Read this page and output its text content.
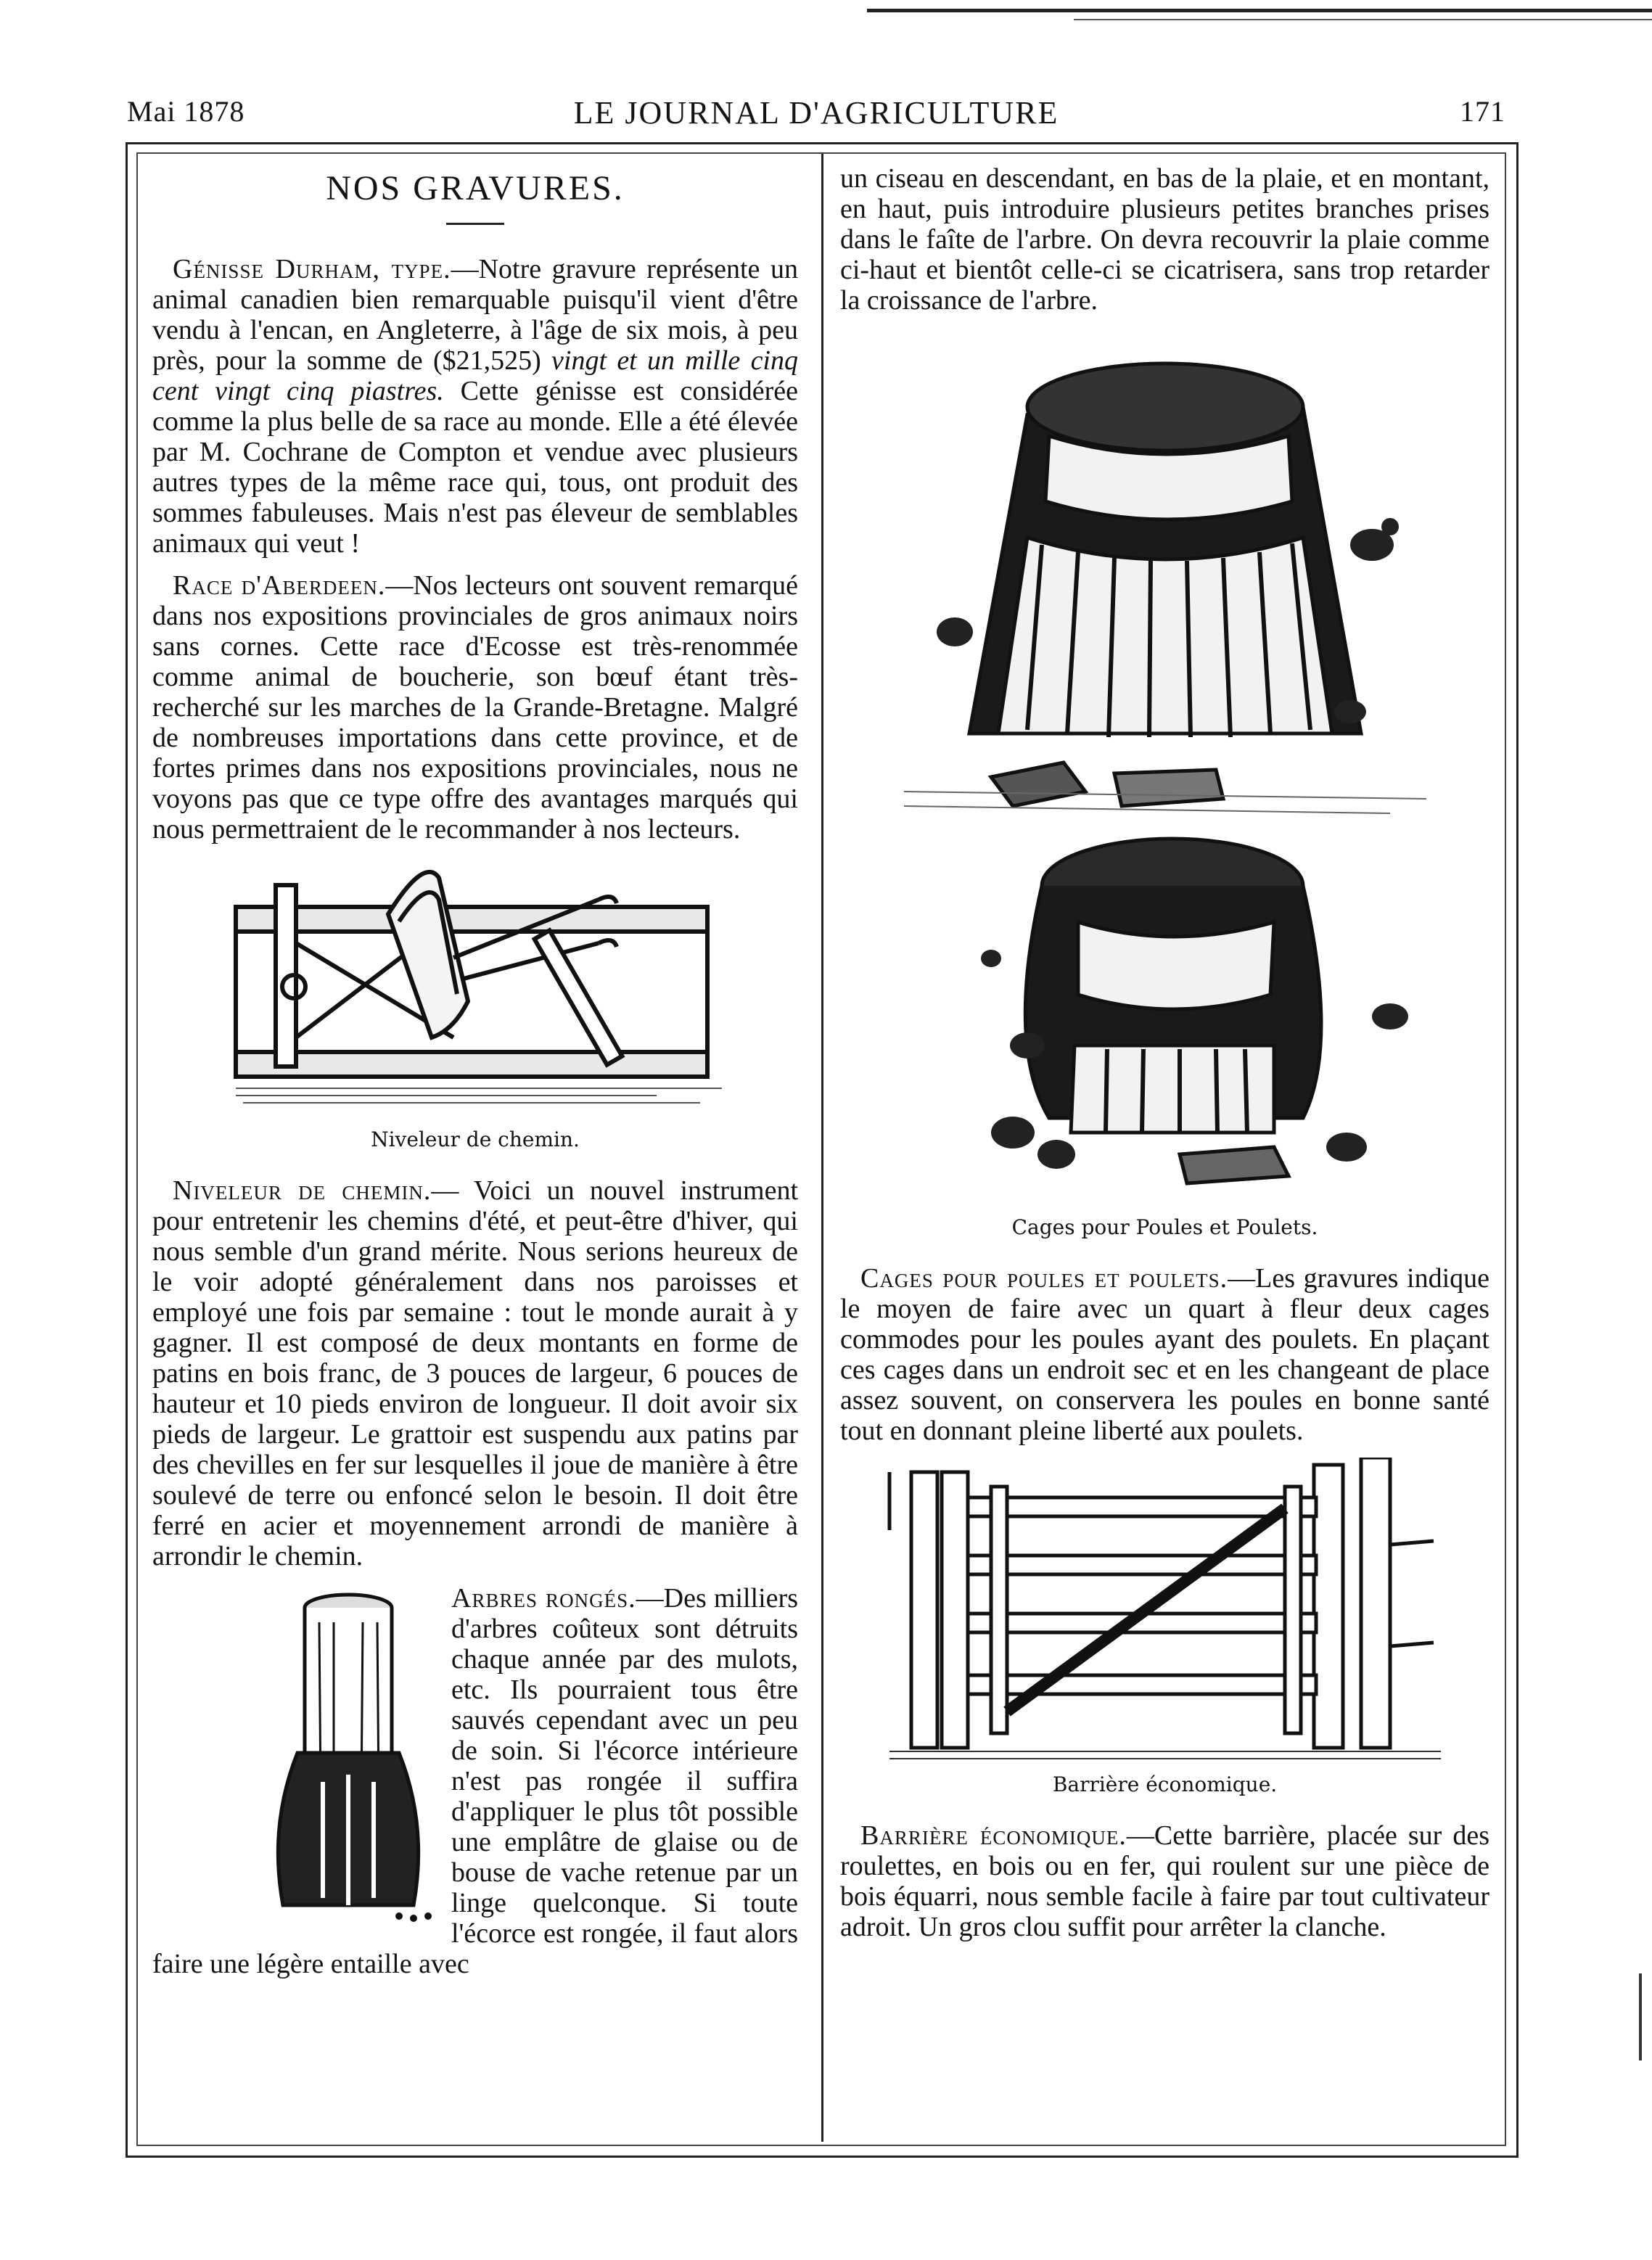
Mai 1878	LE JOURNAL D'AGRICULTURE	171
NOS GRAVURES.

Génisse Durham, type.—Notre gravure représente un animal canadien bien remarquable puisqu'il vient d'être vendu à l'encan, en Angleterre, à l'âge de six mois, à peu près, pour la somme de ($21,525) vingt et un mille cinq cent vingt cinq piastres. Cette génisse est considérée comme la plus belle de sa race au monde. Elle a été élevée par M. Cochrane de Compton et vendue avec plusieurs autres types de la même race qui, tous, ont produit des sommes fabuleuses. Mais n'est pas éleveur de semblables animaux qui veut !

Race d'Aberdeen.—Nos lecteurs ont souvent remarqué dans nos expositions provinciales de gros animaux noirs sans cornes. Cette race d'Ecosse est très-renommée comme animal de boucherie, son bœuf étant très-recherché sur les marches de la Grande-Bretagne. Malgré de nombreuses importations dans cette province, et de fortes primes dans nos expositions provinciales, nous ne voyons pas que ce type offre des avantages marqués qui nous permettraient de le recommander à nos lecteurs.

Niveleur de chemin.

Niveleur de chemin.— Voici un nouvel instrument pour entretenir les chemins d'été, et peut-être d'hiver, qui nous semble d'un grand mérite. Nous serions heureux de le voir adopté généralement dans nos paroisses et employé une fois par semaine : tout le monde aurait à y gagner. Il est composé de deux montants en forme de patins en bois franc, de 3 pouces de largeur, 6 pouces de hauteur et 10 pieds environ de longueur. Il doit avoir six pieds de largeur. Le grattoir est suspendu aux patins par des chevilles en fer sur lesquelles il joue de manière à être soulevé de terre ou enfoncé selon le besoin. Il doit être ferré en acier et moyennement arrondi de manière à arrondir le chemin.

Arbres rongés.—Des milliers d'arbres coûteux sont détruits chaque année par des mulots, etc. Ils pourraient tous être sauvés cependant avec un peu de soin. Si l'écorce intérieure n'est pas rongée il suffira d'appliquer le plus tôt possible une emplâtre de glaise ou de bouse de vache retenue par un linge quelconque. Si toute l'écorce est rongée, il faut alors faire une légère entaille avec

un ciseau en descendant, en bas de la plaie, et en montant, en haut, puis introduire plusieurs petites branches prises dans le faîte de l'arbre. On devra recouvrir la plaie comme ci-haut et bientôt celle-ci se cicatrisera, sans trop retarder la croissance de l'arbre.

Cages pour Poules et Poulets.

Cages pour poules et poulets.—Les gravures indique le moyen de faire avec un quart à fleur deux cages commodes pour les poules ayant des poulets. En plaçant ces cages dans un endroit sec et en les changeant de place assez souvent, on conservera les poules en bonne santé tout en donnant pleine liberté aux poulets.

Barrière économique.

Barrière économique.—Cette barrière, placée sur des roulettes, en bois ou en fer, qui roulent sur une pièce de bois équarri, nous semble facile à faire par tout cultivateur adroit. Un gros clou suffit pour arrêter la clanche.
